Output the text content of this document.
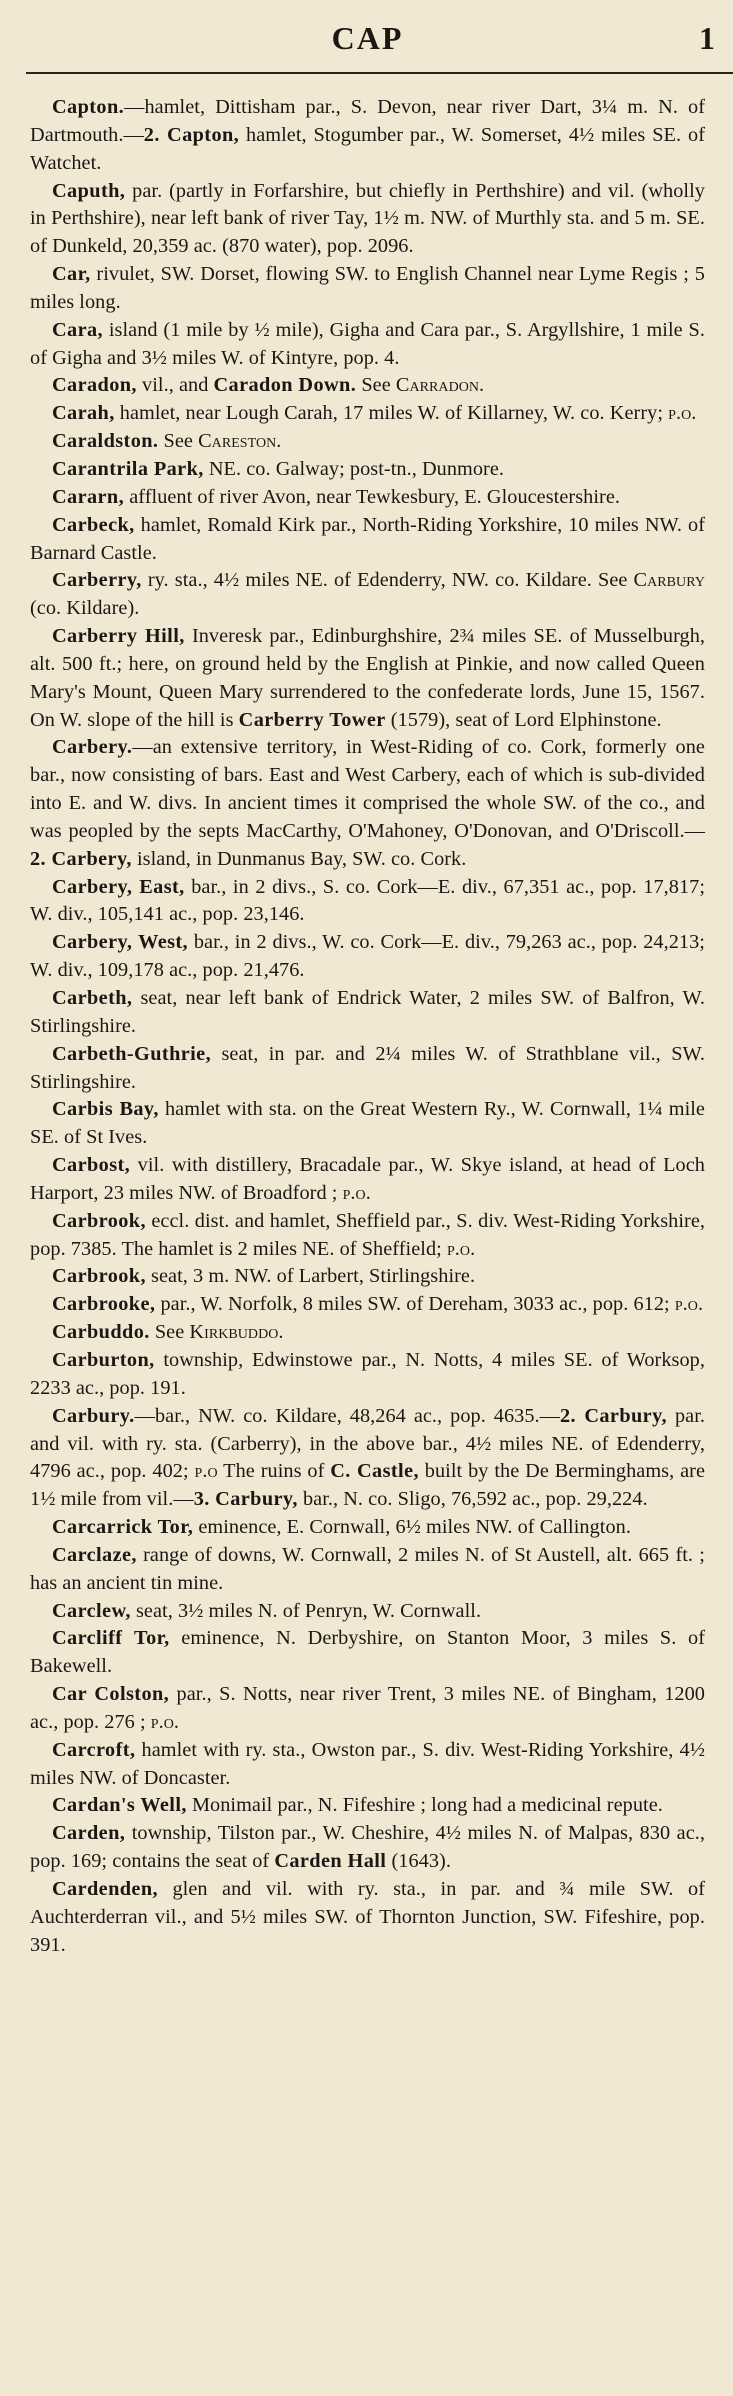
CAP	1

Capton.—hamlet, Dittisham par., S. Devon, near river Dart, 3¼ m. N. of Dartmouth.—2. Capton, hamlet, Stogumber par., W. Somerset, 4½ miles SE. of Watchet.

Caputh, par. (partly in Forfarshire, but chiefly in Perthshire) and vil. (wholly in Perthshire), near left bank of river Tay, 1½ m. NW. of Murthly sta. and 5 m. SE. of Dunkeld, 20,359 ac. (870 water), pop. 2096.

Car, rivulet, SW. Dorset, flowing SW. to English Channel near Lyme Regis ; 5 miles long.

Cara, island (1 mile by ½ mile), Gigha and Cara par., S. Argyllshire, 1 mile S. of Gigha and 3½ miles W. of Kintyre, pop. 4.

Caradon, vil., and Caradon Down. See Carradon.

Carah, hamlet, near Lough Carah, 17 miles W. of Killarney, W. co. Kerry; p.o.

Caraldston. See Careston.

Carantrila Park, NE. co. Galway; post-tn., Dunmore.

Cararn, affluent of river Avon, near Tewkesbury, E. Gloucestershire.

Carbeck, hamlet, Romald Kirk par., North-Riding Yorkshire, 10 miles NW. of Barnard Castle.

Carberry, ry. sta., 4½ miles NE. of Edenderry, NW. co. Kildare. See Carbury (co. Kildare).

Carberry Hill, Inveresk par., Edinburghshire, 2¾ miles SE. of Musselburgh, alt. 500 ft.; here, on ground held by the English at Pinkie, and now called Queen Mary's Mount, Queen Mary surrendered to the confederate lords, June 15, 1567. On W. slope of the hill is Carberry Tower (1579), seat of Lord Elphinstone.

Carbery.—an extensive territory, in West-Riding of co. Cork, formerly one bar., now consisting of bars. East and West Carbery, each of which is sub-divided into E. and W. divs. In ancient times it comprised the whole SW. of the co., and was peopled by the septs MacCarthy, O'Mahoney, O'Donovan, and O'Driscoll.—2. Carbery, island, in Dunmanus Bay, SW. co. Cork.

Carbery, East, bar., in 2 divs., S. co. Cork—E. div., 67,351 ac., pop. 17,817; W. div., 105,141 ac., pop. 23,146.

Carbery, West, bar., in 2 divs., W. co. Cork—E. div., 79,263 ac., pop. 24,213; W. div., 109,178 ac., pop. 21,476.

Carbeth, seat, near left bank of Endrick Water, 2 miles SW. of Balfron, W. Stirlingshire.

Carbeth-Guthrie, seat, in par. and 2¼ miles W. of Strathblane vil., SW. Stirlingshire.

Carbis Bay, hamlet with sta. on the Great Western Ry., W. Cornwall, 1¼ mile SE. of St Ives.

Carbost, vil. with distillery, Bracadale par., W. Skye island, at head of Loch Harport, 23 miles NW. of Broadford ; p.o.

Carbrook, eccl. dist. and hamlet, Sheffield par., S. div. West-Riding Yorkshire, pop. 7385. The hamlet is 2 miles NE. of Sheffield; p.o.

Carbrook, seat, 3 m. NW. of Larbert, Stirlingshire.

Carbrooke, par., W. Norfolk, 8 miles SW. of Dereham, 3033 ac., pop. 612; p.o.

Carbuddo. See Kirkbuddo.

Carburton, township, Edwinstowe par., N. Notts, 4 miles SE. of Worksop, 2233 ac., pop. 191.

Carbury.—bar., NW. co. Kildare, 48,264 ac., pop. 4635.—2. Carbury, par. and vil. with ry. sta. (Carberry), in the above bar., 4½ miles NE. of Edenderry, 4796 ac., pop. 402; p.o The ruins of C. Castle, built by the De Berminghams, are 1½ mile from vil.—3. Carbury, bar., N. co. Sligo, 76,592 ac., pop. 29,224.

Carcarrick Tor, eminence, E. Cornwall, 6½ miles NW. of Callington.

Carclaze, range of downs, W. Cornwall, 2 miles N. of St Austell, alt. 665 ft. ; has an ancient tin mine.

Carclew, seat, 3½ miles N. of Penryn, W. Cornwall.

Carcliff Tor, eminence, N. Derbyshire, on Stanton Moor, 3 miles S. of Bakewell.

Car Colston, par., S. Notts, near river Trent, 3 miles NE. of Bingham, 1200 ac., pop. 276 ; p.o.

Carcroft, hamlet with ry. sta., Owston par., S. div. West-Riding Yorkshire, 4½ miles NW. of Doncaster.

Cardan's Well, Monimail par., N. Fifeshire ; long had a medicinal repute.

Carden, township, Tilston par., W. Cheshire, 4½ miles N. of Malpas, 830 ac., pop. 169; contains the seat of Carden Hall (1643).

Cardenden, glen and vil. with ry. sta., in par. and ¾ mile SW. of Auchterderran vil., and 5½ miles SW. of Thornton Junction, SW. Fifeshire, pop. 391.
